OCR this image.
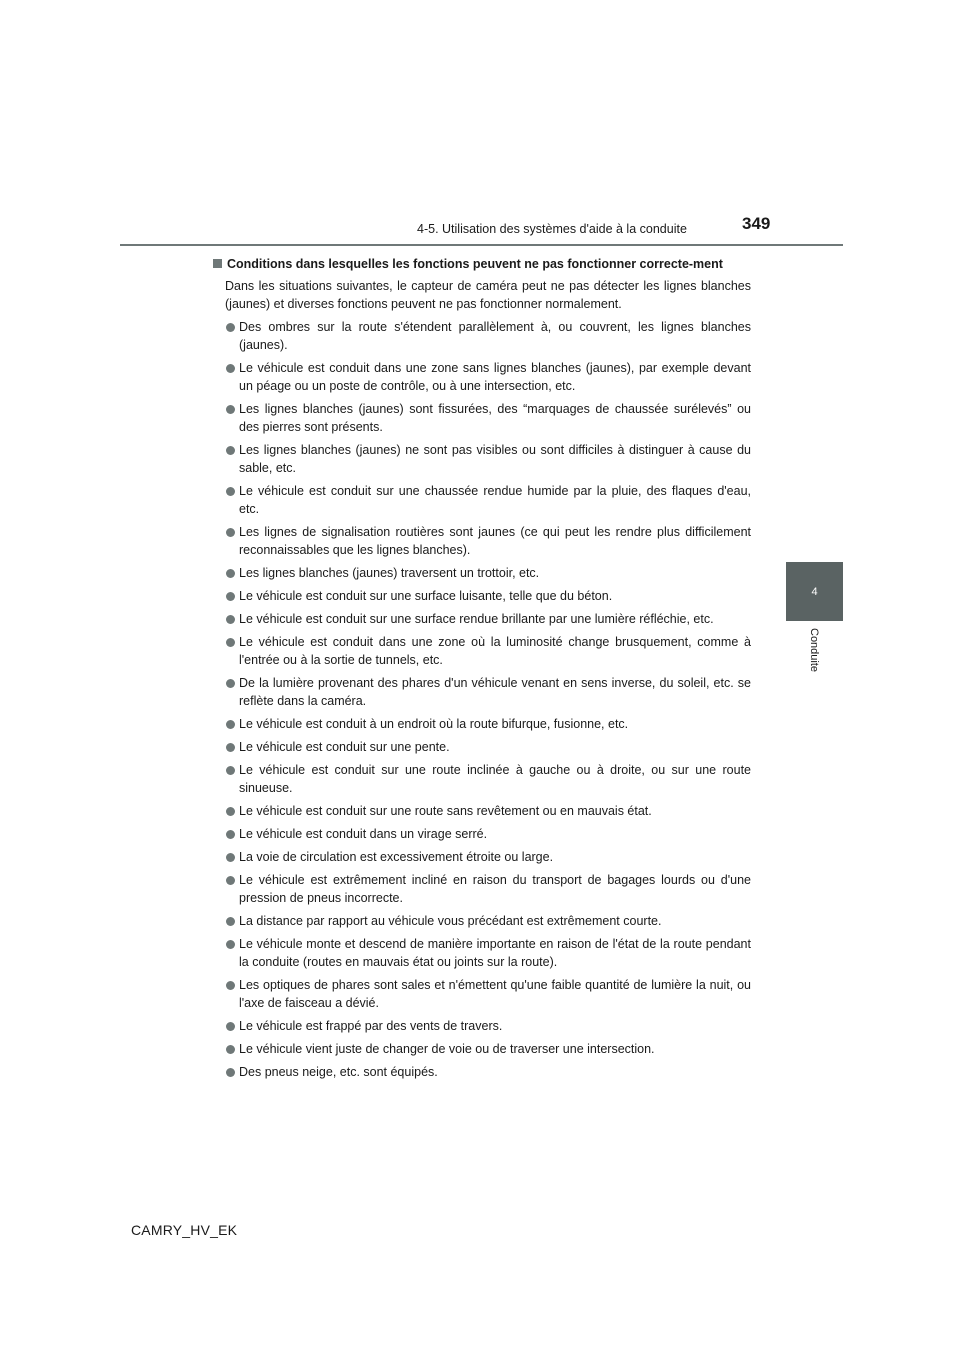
4-5. Utilisation des systèmes d'aide à la conduite	349
4
Conduite
Conditions dans lesquelles les fonctions peuvent ne pas fonctionner correcte-ment

Dans les situations suivantes, le capteur de caméra peut ne pas détecter les lignes blanches (jaunes) et diverses fonctions peuvent ne pas fonctionner normalement.

Des ombres sur la route s'étendent parallèlement à, ou couvrent, les lignes blanches (jaunes).
Le véhicule est conduit dans une zone sans lignes blanches (jaunes), par exemple devant un péage ou un poste de contrôle, ou à une intersection, etc.
Les lignes blanches (jaunes) sont fissurées, des “marquages de chaussée surélevés” ou des pierres sont présents.
Les lignes blanches (jaunes) ne sont pas visibles ou sont difficiles à distinguer à cause du sable, etc.
Le véhicule est conduit sur une chaussée rendue humide par la pluie, des flaques d'eau, etc.
Les lignes de signalisation routières sont jaunes (ce qui peut les rendre plus difficilement reconnaissables que les lignes blanches).
Les lignes blanches (jaunes) traversent un trottoir, etc.
Le véhicule est conduit sur une surface luisante, telle que du béton.
Le véhicule est conduit sur une surface rendue brillante par une lumière réfléchie, etc.
Le véhicule est conduit dans une zone où la luminosité change brusquement, comme à l'entrée ou à la sortie de tunnels, etc.
De la lumière provenant des phares d'un véhicule venant en sens inverse, du soleil, etc. se reflète dans la caméra.
Le véhicule est conduit à un endroit où la route bifurque, fusionne, etc.
Le véhicule est conduit sur une pente.
Le véhicule est conduit sur une route inclinée à gauche ou à droite, ou sur une route sinueuse.
Le véhicule est conduit sur une route sans revêtement ou en mauvais état.
Le véhicule est conduit dans un virage serré.
La voie de circulation est excessivement étroite ou large.
Le véhicule est extrêmement incliné en raison du transport de bagages lourds ou d'une pression de pneus incorrecte.
La distance par rapport au véhicule vous précédant est extrêmement courte.
Le véhicule monte et descend de manière importante en raison de l'état de la route pendant la conduite (routes en mauvais état ou joints sur la route).
Les optiques de phares sont sales et n'émettent qu'une faible quantité de lumière la nuit, ou l'axe de faisceau a dévié.
Le véhicule est frappé par des vents de travers.
Le véhicule vient juste de changer de voie ou de traverser une intersection.
Des pneus neige, etc. sont équipés.
CAMRY_HV_EK
